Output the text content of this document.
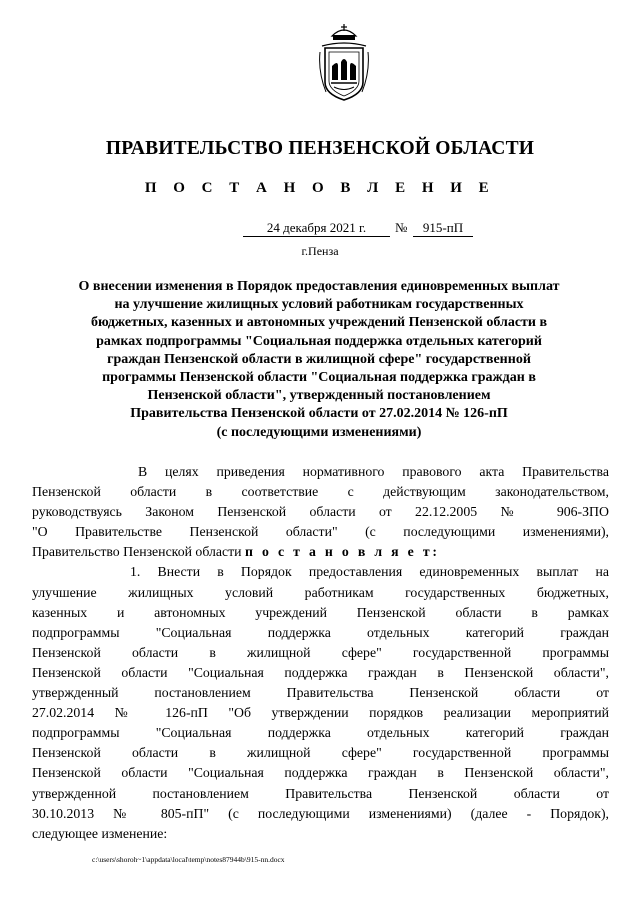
ПРАВИТЕЛЬСТВО ПЕНЗЕНСКОЙ ОБЛАСТИ
П О С Т А Н О В Л Е Н И Е
24 декабря 2021 г.	№	915-пП
г.Пенза
О внесении изменения в Порядок предоставления единовременных выплат
на улучшение жилищных условий работникам государственных
бюджетных, казенных и автономных учреждений Пензенской области в
рамках подпрограммы "Социальная поддержка отдельных категорий
граждан Пензенской области в жилищной сфере" государственной
программы Пензенской области "Социальная поддержка граждан в
Пензенской области", утвержденный постановлением
Правительства Пензенской области от 27.02.2014 № 126-пП
(с последующими изменениями)
В целях приведения нормативного правового акта Правительства
Пензенской области в соответствие с действующим законодательством,
руководствуясь Законом Пензенской области от 22.12.2005 № 906-ЗПО
"О Правительстве Пензенской области" (с последующими изменениями),
Правительство Пензенской области п о с т а н о в л я е т:
1. Внести в Порядок предоставления единовременных выплат на
улучшение жилищных условий работникам государственных бюджетных,
казенных и автономных учреждений Пензенской области в рамках
подпрограммы "Социальная поддержка отдельных категорий граждан
Пензенской области в жилищной сфере" государственной программы
Пензенской области "Социальная поддержка граждан в Пензенской области",
утвержденный постановлением Правительства Пензенской области от
27.02.2014 № 126-пП "Об утверждении порядков реализации мероприятий
подпрограммы "Социальная поддержка отдельных категорий граждан
Пензенской области в жилищной сфере" государственной программы
Пензенской области "Социальная поддержка граждан в Пензенской области",
утвержденной постановлением Правительства Пензенской области от
30.10.2013 № 805-пП" (с последующими изменениями) (далее - Порядок),
следующее изменение:
c:\users\shoroh~1\appdata\local\temp\notes87944b\915-nn.docx
